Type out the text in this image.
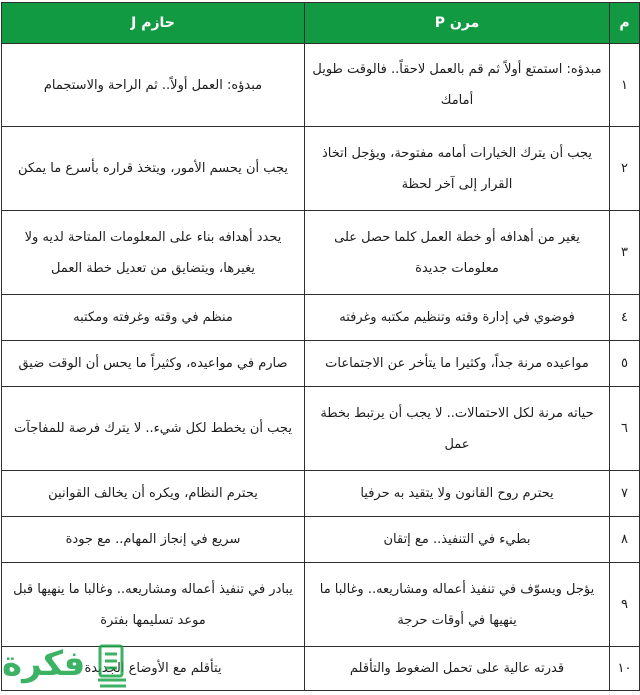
م	مرن P	حازم J
١	مبدؤه: استمتع أولاً ثم قم بالعمل لاحقاً.. فالوقت طويل أمامك	مبدؤه: العمل أولاً.. ثم الراحة والاستجمام
٢	يجب أن يترك الخيارات أمامه مفتوحة، ويؤجل اتخاذ القرار إلى آخر لحظة	يجب أن يحسم الأمور، ويتخذ قراره بأسرع ما يمكن
٣	يغير من أهدافه أو خطة العمل كلما حصل على معلومات جديدة	يحدد أهدافه بناء على المعلومات المتاحة لديه ولا يغيرها، ويتضايق من تعديل خطة العمل
٤	فوضوي في إدارة وقته وتنظيم مكتبه وغرفته	منظم في وقته وغرفته ومكتبه
٥	مواعيده مرنة جداً، وكثيرا ما يتأخر عن الاجتماعات	صارم في مواعيده، وكثيراً ما يحس أن الوقت ضيق
٦	حياته مرنة لكل الاحتمالات.. لا يجب أن يرتبط بخطة عمل	يجب أن يخطط لكل شيء.. لا يترك فرصة للمفاجآت
٧	يحترم روح القانون ولا يتقيد به حرفيا	يحترم النظام، ويكره أن يخالف القوانين
٨	بطيء في التنفيذ.. مع إتقان	سريع في إنجاز المهام.. مع جودة
٩	يؤجل ويسوّف في تنفيذ أعماله ومشاريعه.. وغالبا ما ينهيها في أوقات حرجة	يبادر في تنفيذ أعماله ومشاريعه.. وغالبا ما ينهيها قبل موعد تسليمها بفترة
١٠	قدرته عالية على تحمل الضغوط والتأقلم	يتأقلم مع الأوضاع الجديدة
فكرة
